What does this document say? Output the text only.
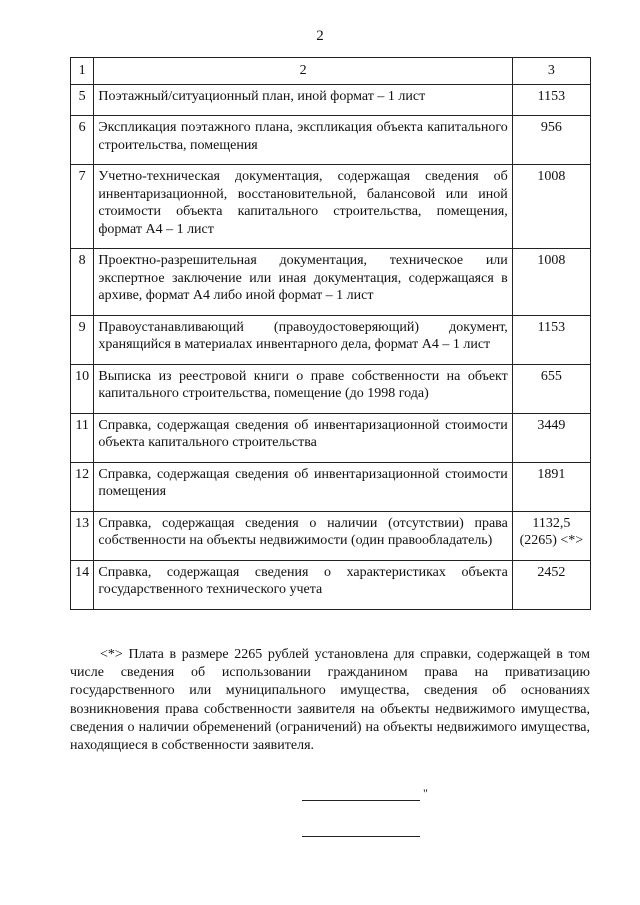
2
1	2	3
5	Поэтажный/ситуационный план, иной формат – 1 лист	1153
6	Экспликация поэтажного плана, экспликация объекта капитального строительства, помещения	956
7	Учетно-техническая документация, содержащая сведения об инвентаризационной, восстановительной, балансовой или иной стоимости объекта капитального строительства, помещения, формат А4 – 1 лист	1008
8	Проектно-разрешительная документация, техническое или экспертное заключение или иная документация, содержащаяся в архиве, формат А4 либо иной формат – 1 лист	1008
9	Правоустанавливающий (правоудостоверяющий) документ, хранящийся в материалах инвентарного дела, формат А4 – 1 лист	1153
10	Выписка из реестровой книги о праве собственности на объект капитального строительства, помещение (до 1998 года)	655
11	Справка, содержащая сведения об инвентаризационной стоимости объекта капитального строительства	3449
12	Справка, содержащая сведения об инвентаризационной стоимости помещения	1891
13	Справка, содержащая сведения о наличии (отсутствии) права собственности на объекты недвижимости (один правообладатель)	1132,5
(2265) <*>

14	Справка, содержащая сведения о характеристиках объекта государственного технического учета	2452
<*> Плата в размере 2265 рублей установлена для справки, содержащей в том числе сведения об использовании гражданином права на приватизацию государственного или муниципального имущества, сведения об основаниях возникновения права собственности заявителя на объекты недвижимого имущества, сведения о наличии обременений (ограничений) на объекты недвижимого имущества, находящиеся в собственности заявителя.
"
